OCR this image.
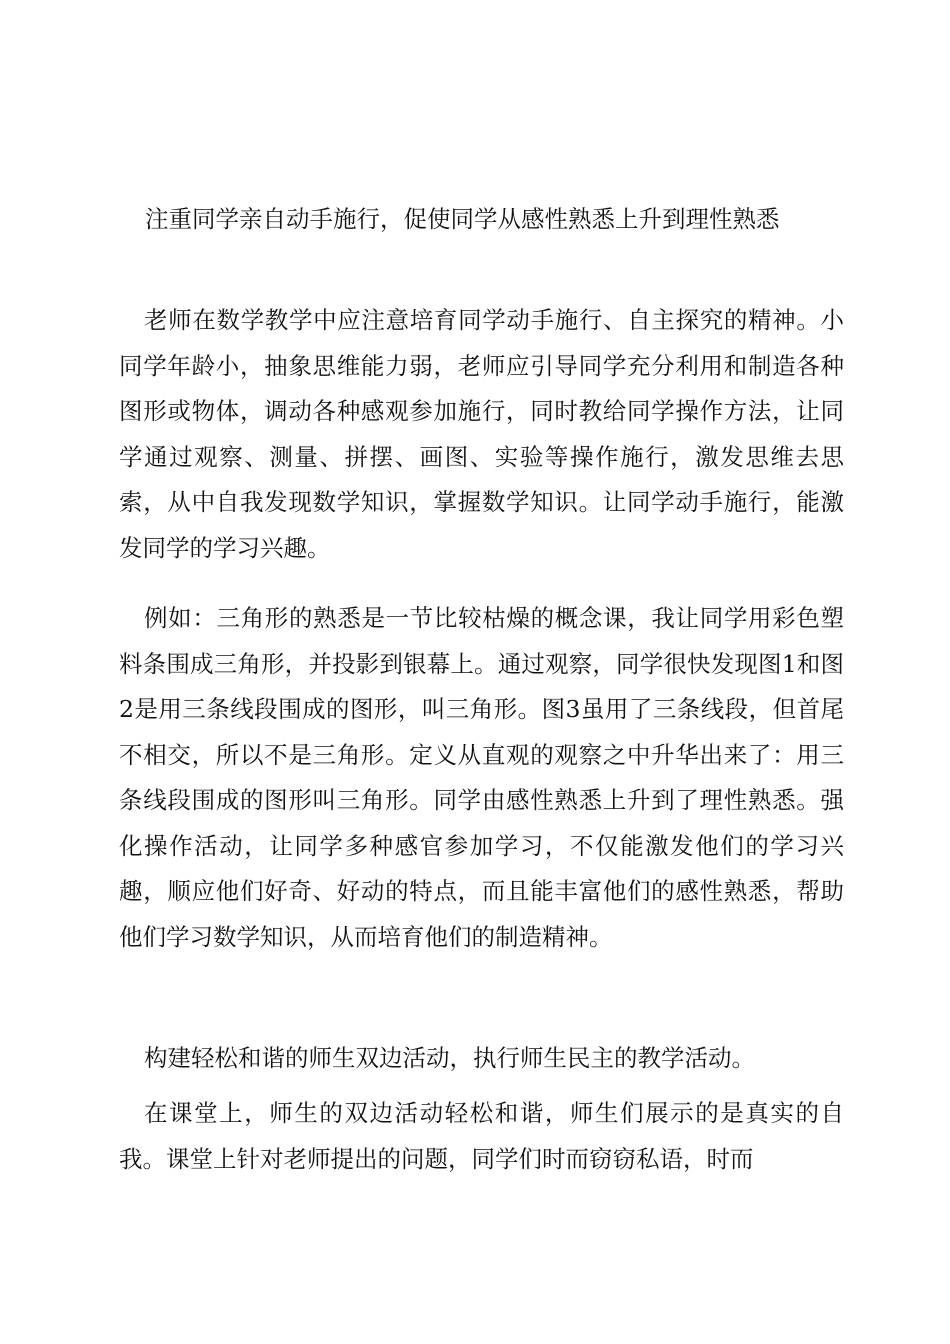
注重同学亲自动手施行，促使同学从感性熟悉上升到理性熟悉

老师在数学教学中应注意培育同学动手施行、自主探究的精神。小同学年龄小，抽象思维能力弱，老师应引导同学充分利用和制造各种图形或物体，调动各种感观参加施行，同时教给同学操作方法，让同学通过观察、测量、拼摆、画图、实验等操作施行，激发思维去思索，从中自我发现数学知识，掌握数学知识。让同学动手施行，能激发同学的学习兴趣。

例如：三角形的熟悉是一节比较枯燥的概念课，我让同学用彩色塑料条围成三角形，并投影到银幕上。通过观察，同学很快发现图1和图2是用三条线段围成的图形，叫三角形。图3虽用了三条线段，但首尾不相交，所以不是三角形。定义从直观的观察之中升华出来了：用三条线段围成的图形叫三角形。同学由感性熟悉上升到了理性熟悉。强化操作活动，让同学多种感官参加学习，不仅能激发他们的学习兴趣，顺应他们好奇、好动的特点，而且能丰富他们的感性熟悉，帮助他们学习数学知识，从而培育他们的制造精神。

构建轻松和谐的师生双边活动，执行师生民主的教学活动。

在课堂上，师生的双边活动轻松和谐，师生们展示的是真实的自我。课堂上针对老师提出的问题，同学们时而窃窃私语，时而
